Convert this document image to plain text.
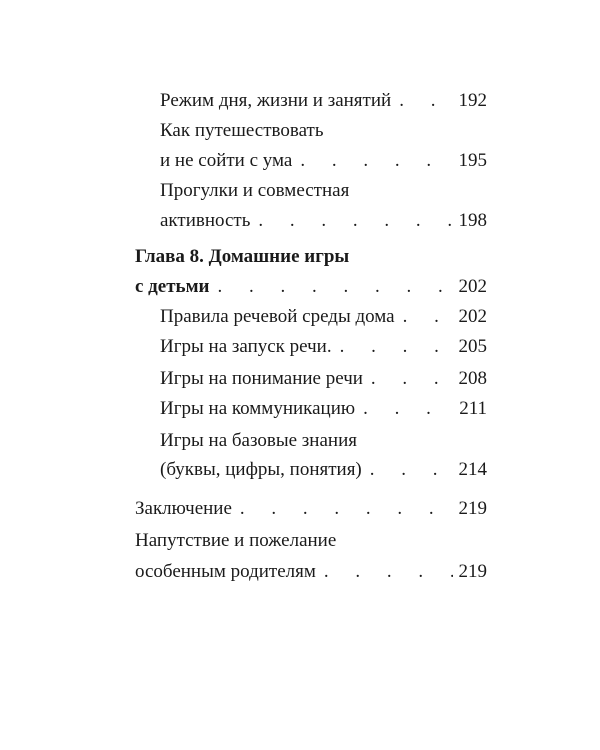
Режим дня, жизни и занятий . . .	192
Как путешествовать
и не сойти с ума . . .	195
Прогулки и совместная
активность . . .	198
Глава 8. Домашние игры
с детьми . . .	202
Правила речевой среды дома . . .	202
Игры на запуск речи. . . .	205
Игры на понимание речи . . .	208
Игры на коммуникацию . . .	211
Игры на базовые знания
(буквы, цифры, понятия) . . .	214
Заключение . . .	219
Напутствие и пожелание
особенным родителям . . .	219
